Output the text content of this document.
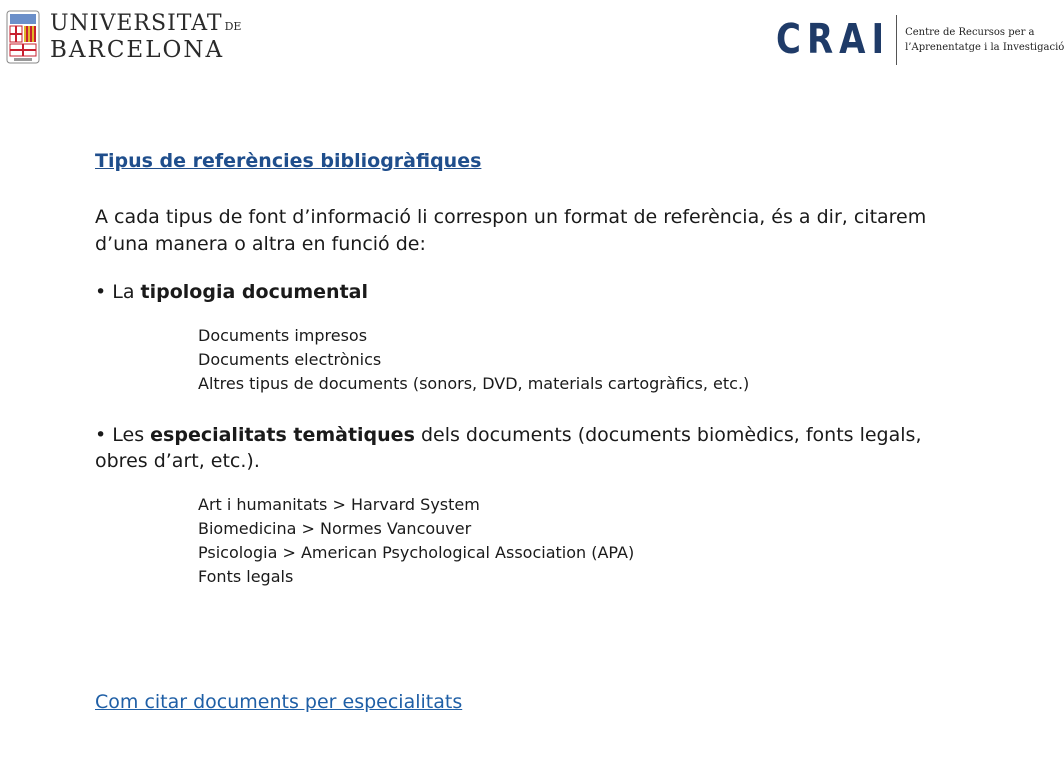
UNIVERSITAT DE
BARCELONA	CRAI Centre de Recursos per a
l’Aprenentatge i la Investigació

Tipus de referències bibliogràfiques

A cada tipus de font d’informació li correspon un format de referència, és a dir, citarem d’una manera o altra en funció de:

• La tipologia documental

Documents impresos
Documents electrònics
Altres tipus de documents (sonors, DVD, materials cartogràfics, etc.)

• Les especialitats temàtiques dels documents (documents biomèdics, fonts legals, obres d’art, etc.).

Art i humanitats > Harvard System
Biomedicina > Normes Vancouver
Psicologia > American Psychological Association (APA)
Fonts legals
Com citar documents per especialitats
